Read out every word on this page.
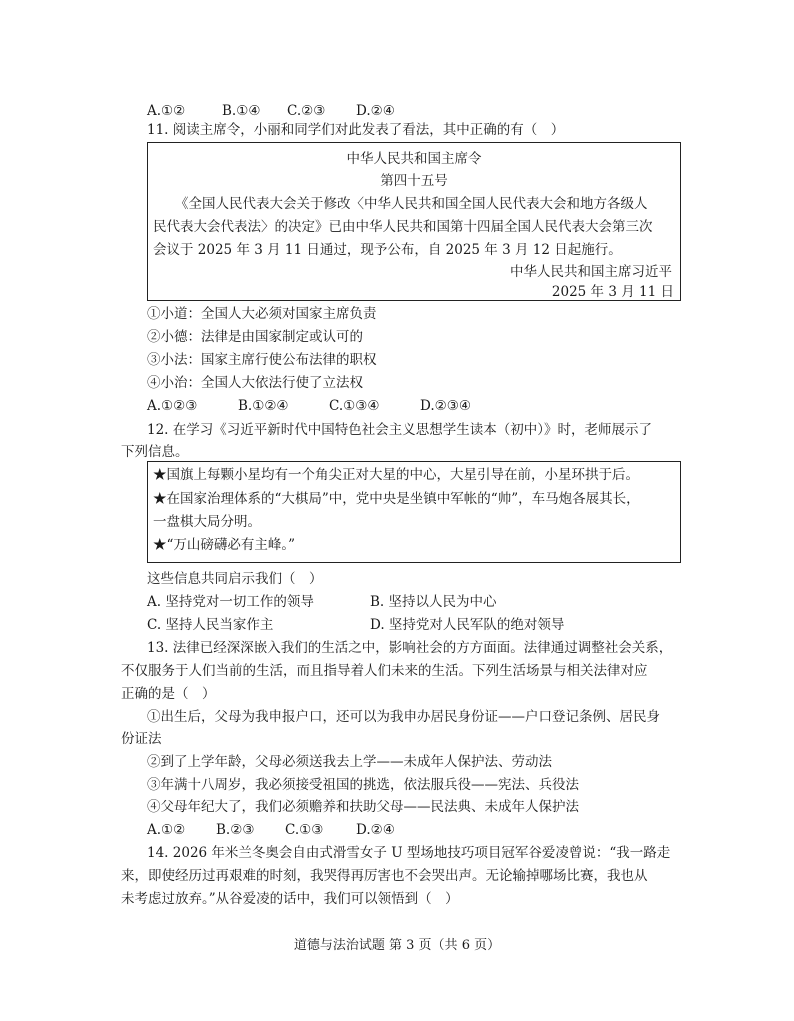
A.①②	B.①④ C.②③ D.②④
11. 阅读主席令，小丽和同学们对此发表了看法，其中正确的有（　）
中华人民共和国主席令
第四十五号
《全国人民代表大会关于修改〈中华人民共和国全国人民代表大会和地方各级人
民代表大会代表法〉的决定》已由中华人民共和国第十四届全国人民代表大会第三次
会议于 2025 年 3 月 11 日通过，现予公布，自 2025 年 3 月 12 日起施行。
中华人民共和国主席习近平
2025 年 3 月 11 日
①小道：全国人大必须对国家主席负责
②小德：法律是由国家制定或认可的
③小法：国家主席行使公布法律的职权
④小治：全国人大依法行使了立法权
A.①②③	B.①②④	C.①③④	D.②③④
12. 在学习《习近平新时代中国特色社会主义思想学生读本（初中）》时，老师展示了
下列信息。
★国旗上每颗小星均有一个角尖正对大星的中心，大星引导在前，小星环拱于后。
★在国家治理体系的“大棋局”中，党中央是坐镇中军帐的“帅”，车马炮各展其长，
一盘棋大局分明。
★“万山磅礴必有主峰。”
这些信息共同启示我们（　）
A. 坚持党对一切工作的领导	B. 坚持以人民为中心
C. 坚持人民当家作主	D. 坚持党对人民军队的绝对领导
13. 法律已经深深嵌入我们的生活之中，影响社会的方方面面。法律通过调整社会关系，
不仅服务于人们当前的生活，而且指导着人们未来的生活。下列生活场景与相关法律对应
正确的是（　）
①出生后，父母为我申报户口，还可以为我申办居民身份证——户口登记条例、居民身
份证法
②到了上学年龄，父母必须送我去上学——未成年人保护法、劳动法
③年满十八周岁，我必须接受祖国的挑选，依法服兵役——宪法、兵役法
④父母年纪大了，我们必须赡养和扶助父母——民法典、未成年人保护法
A.①② B.②③ C.①③ D.②④
14. 2026 年米兰冬奥会自由式滑雪女子 U 型场地技巧项目冠军谷爱凌曾说：“我一路走
来，即使经历过再艰难的时刻，我哭得再厉害也不会哭出声。无论输掉哪场比赛，我也从
未考虑过放弃。”从谷爱凌的话中，我们可以领悟到（　）
道德与法治试题 第 3 页（共 6 页）
